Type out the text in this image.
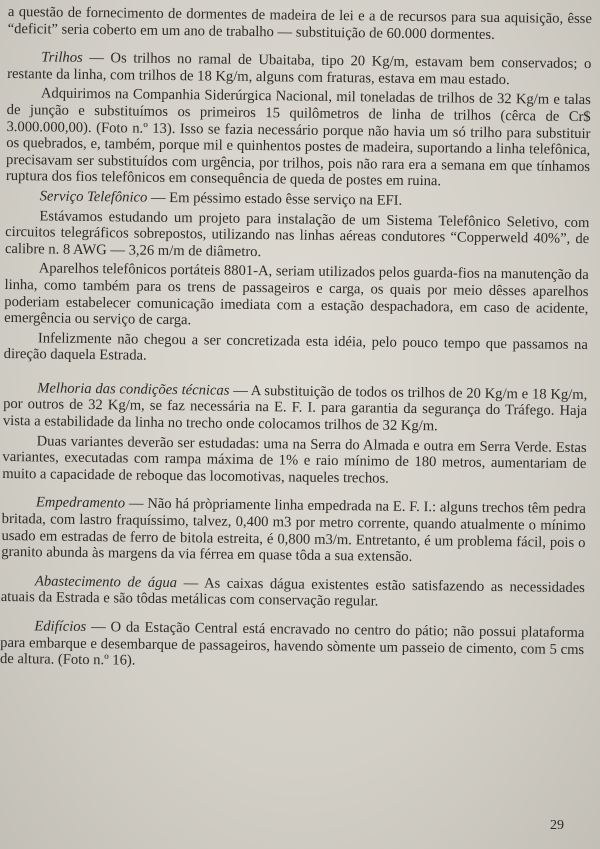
a questão de fornecimento de dormentes de madeira de lei e a de recursos para sua aquisição, êsse “deficit” seria coberto em um ano de trabalho — substituição de 60.000 dormentes.

Trilhos — Os trilhos no ramal de Ubaitaba, tipo 20 Kg/m, estavam bem conservados; o restante da linha, com trilhos de 18 Kg/m, alguns com fraturas, estava em mau estado.

Adquirimos na Companhia Siderúrgica Nacional, mil toneladas de trilhos de 32 Kg/m e talas de junção e substituímos os primeiros 15 quilômetros de linha de trilhos (cêrca de Cr$ 3.000.000,00). (Foto n.º 13). Isso se fazia necessário porque não havia um só trilho para substituir os quebrados, e, também, porque mil e quinhentos postes de madeira, suportando a linha telefônica, precisavam ser substituídos com urgência, por trilhos, pois não rara era a semana em que tínhamos ruptura dos fios telefônicos em consequência de queda de postes em ruina.

Serviço Telefônico — Em péssimo estado êsse serviço na EFI.

Estávamos estudando um projeto para instalação de um Sistema Telefônico Seletivo, com circuitos telegráficos sobrepostos, utilizando nas linhas aéreas condutores “Copperweld 40%”, de calibre n. 8 AWG — 3,26 m/m de diâmetro.

Aparelhos telefônicos portáteis 8801-A, seriam utilizados pelos guarda-fios na manutenção da linha, como também para os trens de passageiros e carga, os quais por meio dêsses aparelhos poderiam estabelecer comunicação imediata com a estação despachadora, em caso de acidente, emergência ou serviço de carga.

Infelizmente não chegou a ser concretizada esta idéia, pelo pouco tempo que passamos na direção daquela Estrada.

Melhoria das condições técnicas — A substituição de todos os trilhos de 20 Kg/m e 18 Kg/m, por outros de 32 Kg/m, se faz necessária na E. F. I. para garantia da segurança do Tráfego. Haja vista a estabilidade da linha no trecho onde colocamos trilhos de 32 Kg/m.

Duas variantes deverão ser estudadas: uma na Serra do Almada e outra em Serra Verde. Estas variantes, executadas com rampa máxima de 1% e raio mínimo de 180 metros, aumentariam de muito a capacidade de reboque das locomotivas, naqueles trechos.

Empedramento — Não há pròpriamente linha empedrada na E. F. I.: alguns trechos têm pedra britada, com lastro fraquíssimo, talvez, 0,400 m3 por metro corrente, quando atualmente o mínimo usado em estradas de ferro de bitola estreita, é 0,800 m3/m. Entretanto, é um problema fácil, pois o granito abunda às margens da via férrea em quase tôda a sua extensão.

Abastecimento de água — As caixas dágua existentes estão satisfazendo as necessidades atuais da Estrada e são tôdas metálicas com conservação regular.

Edifícios — O da Estação Central está encravado no centro do pátio; não possui plataforma para embarque e desembarque de passageiros, havendo sòmente um passeio de cimento, com 5 cms de altura. (Foto n.º 16).

29
